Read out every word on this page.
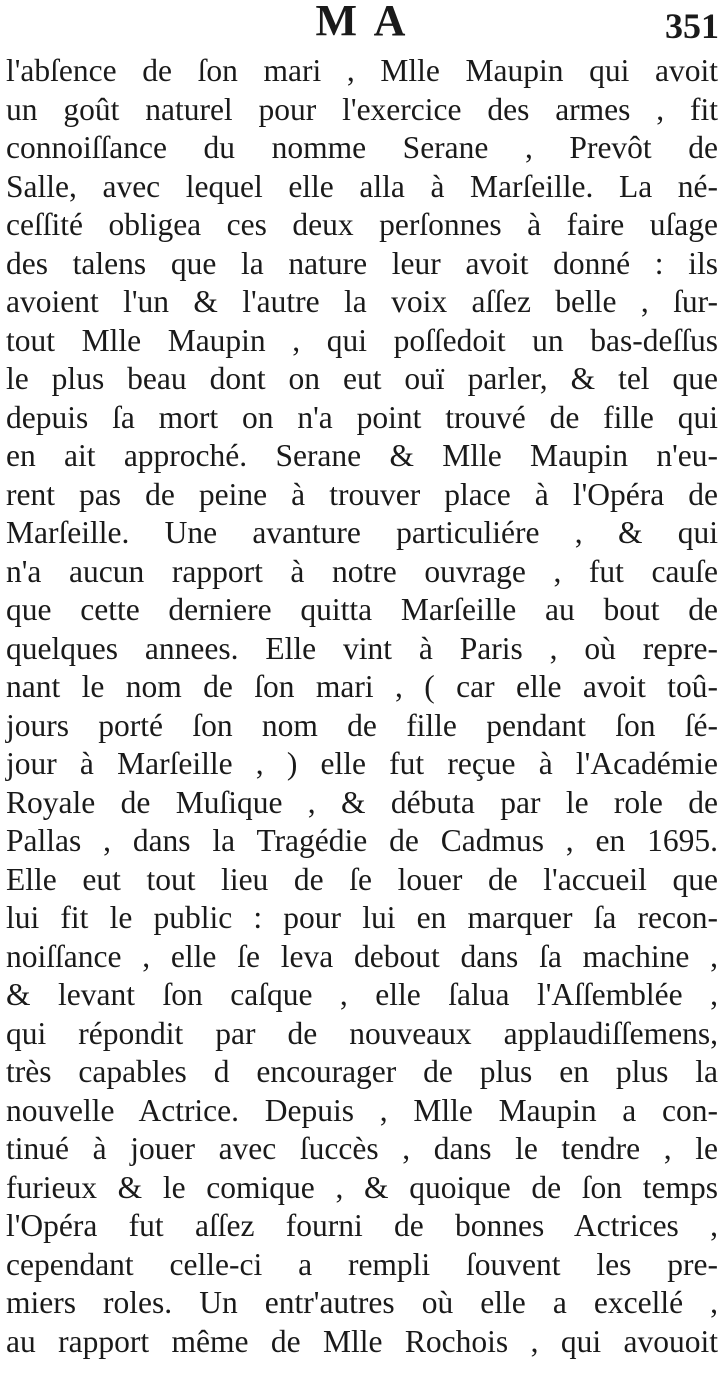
M A	351
l'abſence de ſon mari , Mlle Maupin qui avoit
un goût naturel pour l'exercice des armes , fit
connoiſſance du nomme Serane , Prevôt de
Salle, avec lequel elle alla à Marſeille. La né-
ceſſité obligea ces deux perſonnes à faire uſage
des talens que la nature leur avoit donné : ils
avoient l'un & l'autre la voix aſſez belle , ſur-
tout Mlle Maupin , qui poſſedoit un bas-deſſus
le plus beau dont on eut ouï parler, & tel que
depuis ſa mort on n'a point trouvé de fille qui
en ait approché. Serane & Mlle Maupin n'eu-
rent pas de peine à trouver place à l'Opéra de
Marſeille. Une avanture particuliére , & qui
n'a aucun rapport à notre ouvrage , fut cauſe
que cette derniere quitta Marſeille au bout de
quelques annees. Elle vint à Paris , où repre-
nant le nom de ſon mari , ( car elle avoit toû-
jours porté ſon nom de fille pendant ſon ſé-
jour à Marſeille , ) elle fut reçue à l'Académie
Royale de Muſique , & débuta par le role de
Pallas , dans la Tragédie de Cadmus , en 1695.
Elle eut tout lieu de ſe louer de l'accueil que
lui fit le public : pour lui en marquer ſa recon-
noiſſance , elle ſe leva debout dans ſa machine ,
& levant ſon caſque , elle ſalua l'Aſſemblée ,
qui répondit par de nouveaux applaudiſſemens,
très capables d encourager de plus en plus la
nouvelle Actrice. Depuis , Mlle Maupin a con-
tinué à jouer avec ſuccès , dans le tendre , le
furieux & le comique , & quoique de ſon temps
l'Opéra fut aſſez fourni de bonnes Actrices ,
cependant celle-ci a rempli ſouvent les pre-
miers roles. Un entr'autres où elle a excellé ,
au rapport même de Mlle Rochois , qui avouoit
